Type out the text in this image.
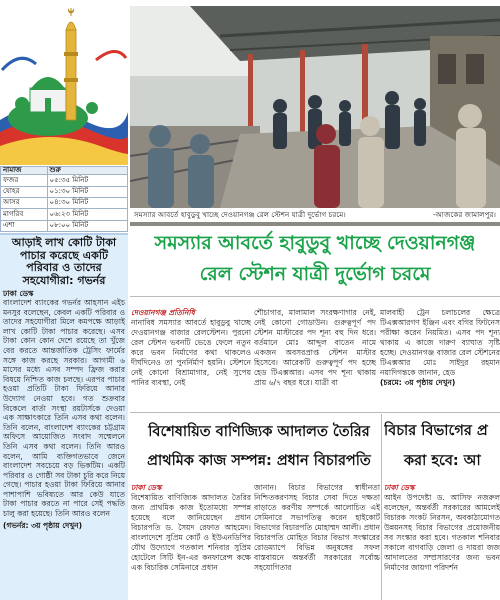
নামাজ	শুরু
ফজর	০৫:৩৫ মিনিট
যোহর	০১:৩০ মিনিট
আসর	০৪:৩০ মিনিট
মাগরিব	০৬:২৩ মিনিট
এশা	০৮:০০ মিনিট
আড়াই লাখ কোটি টাকা পাচার করেছে একটি পরিবার ও তাদের সহযোগীরা: গভর্নর
ঢাকা ডেস্ক
বাংলাদেশ ব্যাংকের গভর্নর আহসান এইচ মনসুর বলেছেন, কেবল একটি পরিবার ও তাদের সহযোগীরা মিলে কমপক্ষে আড়াই লাখ কোটি টাকা পাচার করেছে। এসব টাকা কোন কোন দেশে রয়েছে তা খুঁজে বের করতে আন্তর্জাতিক ট্রেসিং ফার্মের সঙ্গে কাজ করছে সরকার। আগামী ৬ মাসের মধ্যে এসব সম্পদ ফ্রিজ করার বিষয়ে নিশ্চিত কাজ চলছে। এরপর পাচার হওয়া প্রতিটি টাকা ফিরিয়ে আনার উদ্যোগ নেওয়া হবে। গত শুক্রবার বিকেলে বার্তা সংস্থা রয়টার্সকে দেওয়া এক সাক্ষাৎকারে তিনি এসব কথা বলেন। তিনি বলেন, বাংলাদেশ ব্যাংকের চট্টগ্রাম অফিসে আয়োজিত সংবাদ সম্মেলনে তিনি এসব কথা বলেন। তিনি আরও বলেন, আমি ব্যক্তিগতভাবে জেনে বাংলাদেশ সবচেয়ে বড় ভিকটিম। একটি পরিবার ও গোষ্ঠী সব টাকা চুরি করে নিয়ে গেছে। পাচার হওয়া টাকা ফিরিয়ে আনার পাশাপাশি ভবিষ্যতে আর কেউ যাতে টাকা পাচার করতে না পারে সেই পদ্ধতি চালু করা হয়েছে। তিনি আরও বলেন
(গভর্নর: ৩য় পৃষ্ঠায় দেখুন)
সমস্যার আবর্তে হাবুডুবু খাচ্ছে দেওয়ানগঞ্জ রেল স্টেশন যাত্রী দুর্ভোগ চরমে।	-আজকের জামালপুর।
সমস্যার আবর্তে হাবুডুবু খাচ্ছে দেওয়ানগঞ্জ
রেল স্টেশন যাত্রী দুর্ভোগ চরমে
দেওয়ানগঞ্জ প্রতিনিধি
নানাবিধ সমস্যার আবর্তে হাবুডুবু খাচ্ছে দেওয়ানগঞ্জ বাজার রেলস্টেশন। পুরনো রেল স্টেশন ভবনটি ভেঙে ফেলে নতুন করে ভবন নির্মাণের কথা থাকলেও দীর্ঘদিনেও তা পুনর্নির্মাণ হয়নি। স্টেশনে নেই কোনো বিশ্রামাগার, নেই সুপেয় পানির ব্যবস্থা, নেই
শৌচাগার, মালামাল সংরক্ষণাগার নেই, নেই কোনো গোডাউন। গুরুত্বপূর্ণ পদ স্টেশন মাস্টারের পদ শূন্য বহু দিন ধরে। বর্তমানে মোঃ আব্দুল বাতেন নামে একজন অবসরপ্রাপ্ত স্টেশন মাস্টার হিসেবে। আরেকটি গুরুত্বপূর্ণ পদ হচ্ছে হেড টিএক্সআর। এসব পদ শূন্য থাকায় প্রায় ৬/৭ বছর ধরে। যাত্রী বা
মালবাহী ট্রেন চলাচলের ক্ষেত্রে টিএক্সআরগণ ইঞ্জিন এবং বগির ফিটনেস পরীক্ষা করেন নিয়মিত। এসব পদ শূন্য থাকায় এ কাজে দারুণ ব্যাঘাত সৃষ্টি হচ্ছে। দেওয়ানগঞ্জ বাজার রেল স্টেশনের টিএক্সআর মোঃ সাইদুর রহমান নয়াদিগন্তকে জানান, হেড
(চরমে: ৩য় পৃষ্ঠায় দেখুন)
বিশেষায়িত বাণিজ্যিক আদালত তৈরির
প্রাথমিক কাজ সম্পন্ন: প্রধান বিচারপতি
ঢাকা ডেস্ক
বিশেষায়িত বাণিজ্যিক আদালত তৈরির জন্য প্রাথমিক কাজ ইতোমধ্যে সম্পন্ন হয়েছে বলে জানিয়েছেন প্রধান বিচারপতি ড. সৈয়দ রেফাত আহমেদ। বাংলাদেশে সুপ্রিম কোর্ট ও ইউএনডিপির যৌথ উদ্যোগে গতকাল শনিবার সুপ্রিম হোটেলে সিটি ইন-এর কনফারেন্স কক্ষে এক বিচারিক সেমিনারে প্রধান
জানান। বিচার বিভাগের স্বাধীনতা নিশ্চিতকরণসহ বিচার সেবা দিতে দক্ষতা বাড়াতে করণীয় সম্পর্কে আলোচিত এই সেমিনারে সভাপতিত্ব করেন হাইকোর্ট বিভাগের বিচারপতি মোহাম্মদ আলী। প্রধান বিচারপতি মোহিত বিচার বিভাগ সংস্কারের রোডম্যাপে বিভিন্ন অনুষঙ্গের সফল বাস্তবায়নে অন্তর্বর্তী সরকারের সর্বোচ্চ সহযোগিতার
বিচার বিভাগের প্র
করা হবে: আ
ঢাকা ডেস্ক
আইন উপদেষ্টা ড. আসিফ নজরুল বলেছেন, অন্তর্বর্তী সরকারের আমলেই বিচারক সংকট নিরসন, অবকাঠামোগত উন্নয়নসহ বিচার বিভাগের প্রয়োজনীয় সব সংস্কার করা হবে। গতকাল শনিবার সকালে বাগবাড়ি জেলা ও দায়রা জজ আদালতের সম্প্রসারণের জন্য ভবন নির্মাণের জায়গা পরিদর্শন
